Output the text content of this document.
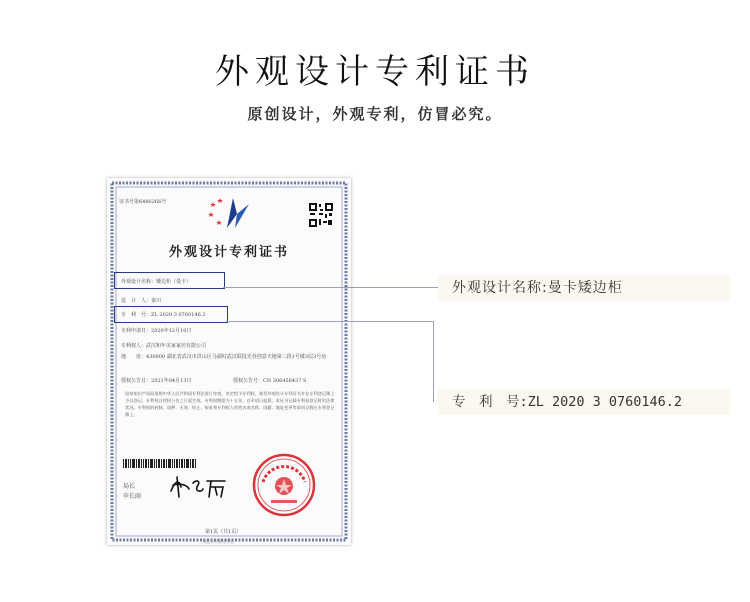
外观设计专利证书
原创设计，外观专利，仿冒必究。
证书号第6486266号
外观设计专利证书
外观设计名称：矮边柜（曼卡）
设　计　人：秦川
专　利　号：ZL 2020 3 0760146.2
专利申请日：2020年12月10日
专利权人：武汉和年美家家居有限公司
地　　址：430000 湖北省武汉市洪山区马湖村武汉联投光谷创意天地第三段1号楼3层3号房
授权公告日：2021年04月13日	授权公告号：CN 306456437 S
国家知识产权局依照中华人民共和国专利法进行审查，决定授予专利权，颁发外观设计专利证书并在专利登记簿上予以登记。专利权自授权公告之日起生效。专利权期限为十五年，自申请日起算。本证书记载专利权登记时的法律状况。专利权的转移、质押、无效、终止、恢复和专利权人的姓名或名称、国籍、地址变更等事项记载在专利登记簿上。
局长
申长雨
第1页（共1页）
其他事项参见背面
外观设计名称:曼卡矮边柜
专　利　号:ZL 2020 3 0760146.2
